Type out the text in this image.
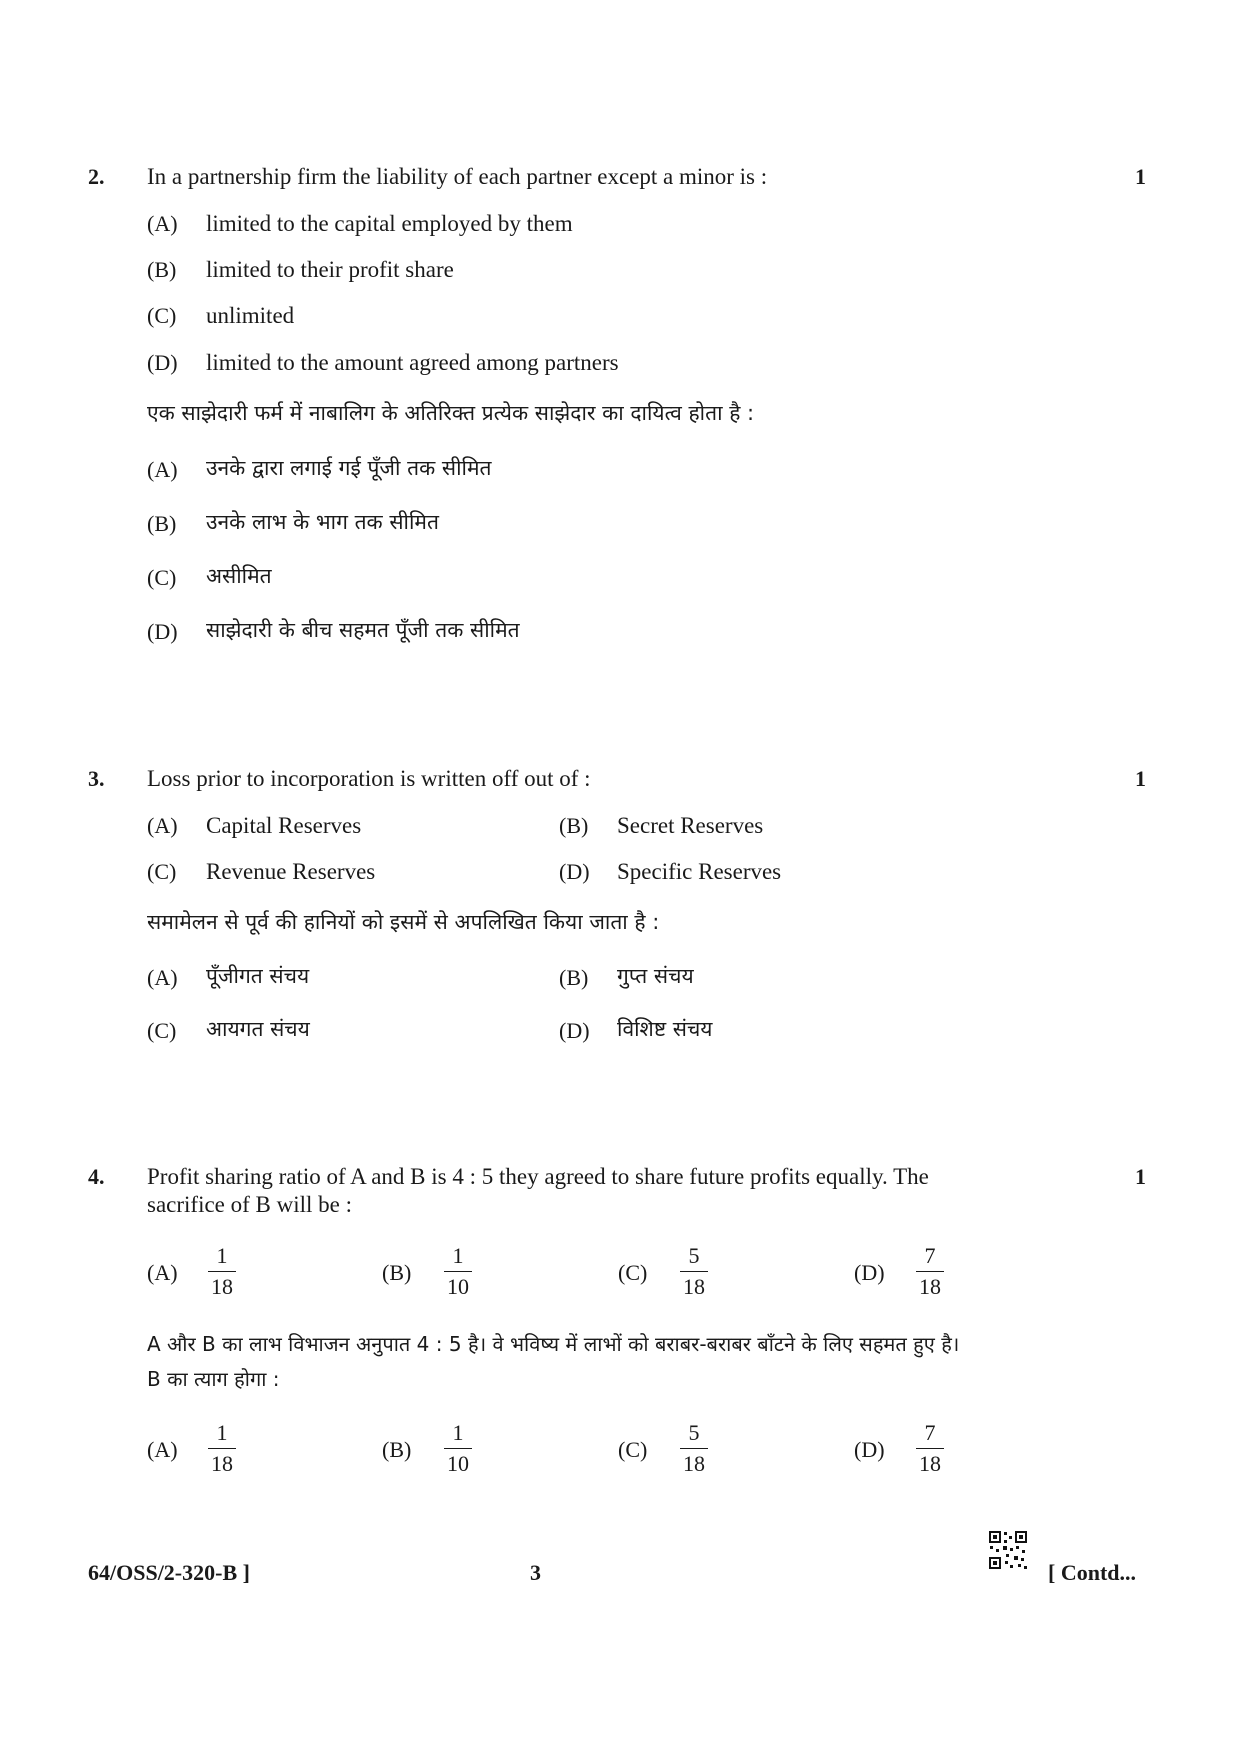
2. In a partnership firm the liability of each partner except a minor is :	1
(A) limited to the capital employed by them
(B) limited to their profit share
(C) unlimited
(D) limited to the amount agreed among partners
एक साझेदारी फर्म में नाबालिग के अतिरिक्त प्रत्येक साझेदार का दायित्व होता है :
(A) उनके द्वारा लगाई गई पूँजी तक सीमित
(B) उनके लाभ के भाग तक सीमित
(C) असीमित
(D) साझेदारी के बीच सहमत पूँजी तक सीमित
3. Loss prior to incorporation is written off out of :	1
(A) Capital Reserves	(B) Secret Reserves
(C) Revenue Reserves	(D) Specific Reserves
समामेलन से पूर्व की हानियों को इसमें से अपलिखित किया जाता है :
(A) पूँजीगत संचय	(B) गुप्त संचय
(C) आयगत संचय	(D) विशिष्ट संचय
4. Profit sharing ratio of A and B is 4 : 5 they agreed to share future profits equally. The	1
sacrifice of B will be :
(A)
1
18
(B)
1
10
(C)
5
18
(D)
7
18
A और B का लाभ विभाजन अनुपात 4 : 5 है। वे भविष्य में लाभों को बराबर-बराबर बाँटने के लिए सहमत हुए है।
B का त्याग होगा :
(A)
1
18
(B)
1
10
(C)
5
18
(D)
7
18
64/OSS/2-320-B ]	3	[ Contd...
